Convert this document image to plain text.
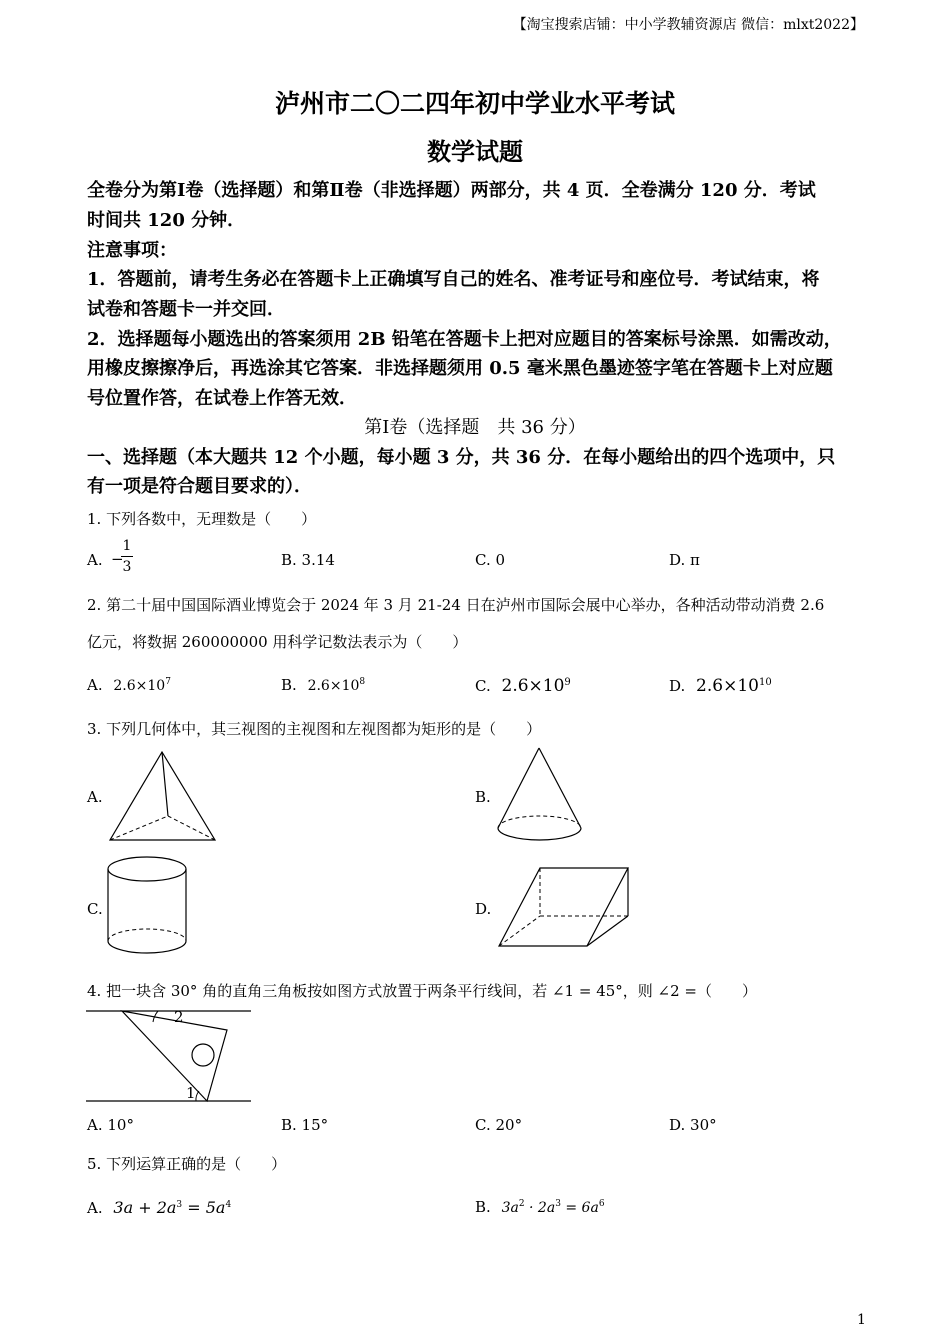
【淘宝搜索店铺：中小学教辅资源店 微信：mlxt2022】
泸州市二〇二四年初中学业水平考试
数学试题
全卷分为第Ⅰ卷（选择题）和第Ⅱ卷（非选择题）两部分，共 4 页．全卷满分 120 分．考试
时间共 120 分钟．
注意事项：
1．答题前，请考生务必在答题卡上正确填写自己的姓名、准考证号和座位号．考试结束，将
试卷和答题卡一并交回．
2．选择题每小题选出的答案须用 2B 铅笔在答题卡上把对应题目的答案标号涂黑．如需改动，
用橡皮擦擦净后，再选涂其它答案．非选择题须用 0.5 毫米黑色墨迹签字笔在答题卡上对应题
号位置作答，在试卷上作答无效．
第Ⅰ卷（选择题　共 36 分）
一、选择题（本大题共 12 个小题，每小题 3 分，共 36 分．在每小题给出的四个选项中，只
有一项是符合题目要求的）．
1. 下列各数中，无理数是（　　）
A. −
1
3	B. 3.14	C. 0	D. π
2. 第二十届中国国际酒业博览会于 2024 年 3 月 21-24 日在泸州市国际会展中心举办，各种活动带动消费 2.6
亿元，将数据 260000000 用科学记数法表示为（　　）
A. $2.6\times 10^7$	B. $2.6\times 10^8$	C. $2.6\times 10^9$	D. $2.6\times 10^{10}$
3. 下列几何体中，其三视图的主视图和左视图都为矩形的是（　　）
A.	B.
C.	D.
4. 把一块含 30° 角的直角三角板按如图方式放置于两条平行线间，若 ∠1 = 45°，则 ∠2 =（　　）
2
1
A. 10°	B. 15°	C. 20°	D. 30°
5. 下列运算正确的是（　　）
A. $3a + 2a^3 = 5a^4$	B. $3a^2 \cdot 2a^3 = 6a^6$
1
